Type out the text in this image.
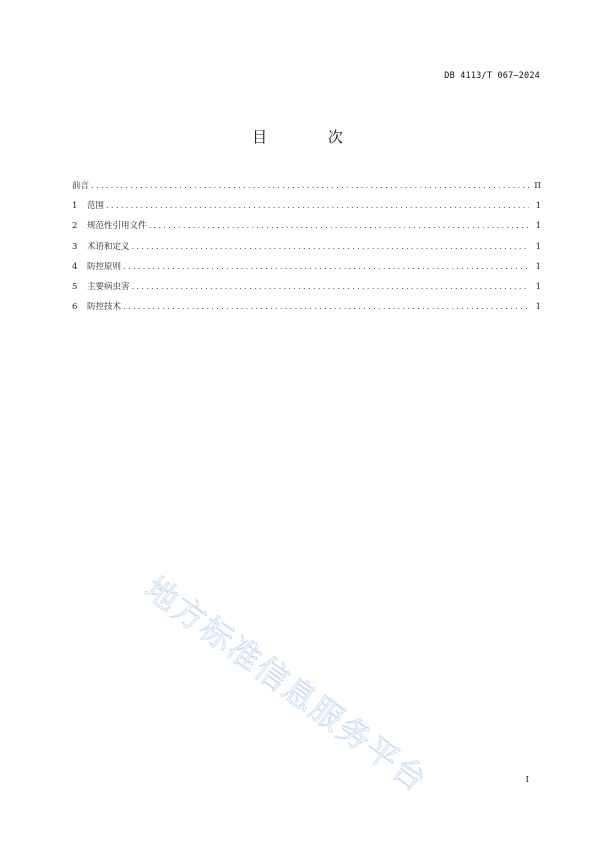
DB 4113/T 067—2024
目 次
前言 .....	II
1	范围 .....	1
2	规范性引用文件 .....	1
3	术语和定义 .....	1
4	防控原则 .....	1
5	主要病虫害 .....	1
6	防控技术 .....	1
地方标准信息服务平台	I
